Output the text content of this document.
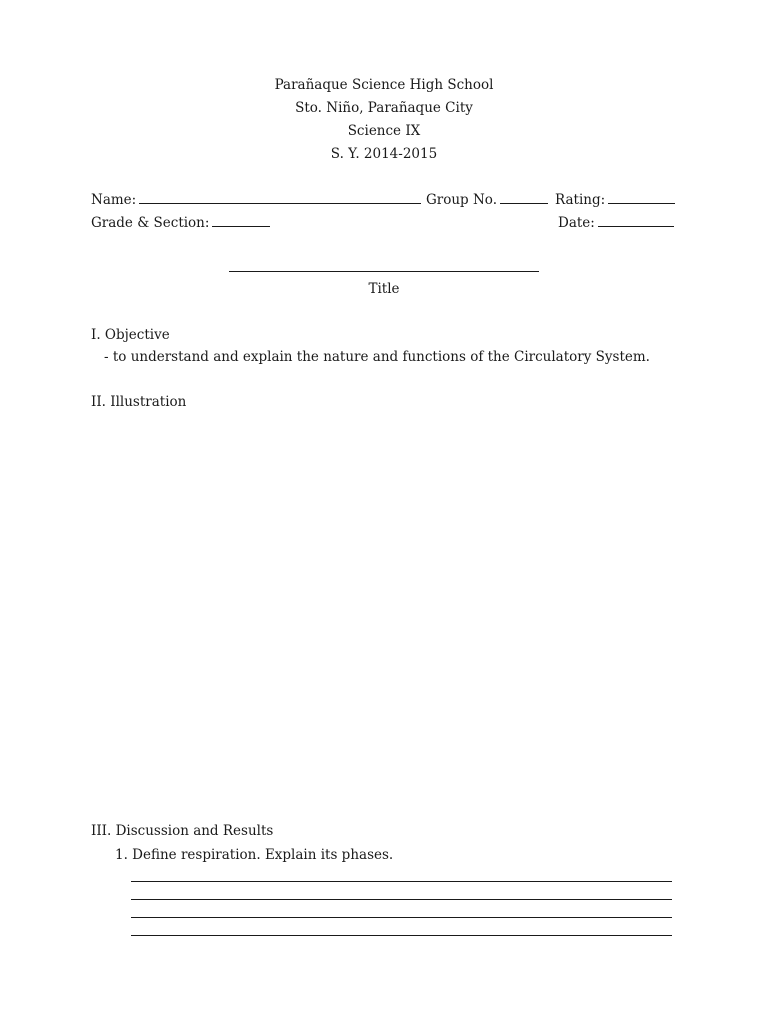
Parañaque Science High School
Sto. Niño, Parañaque City
Science IX
S. Y. 2014-2015
Name:	Group No.	Rating:
Grade & Section:	Date:
Title
I. Objective
- to understand and explain the nature and functions of the Circulatory System.
II. Illustration
III. Discussion and Results
1. Define respiration. Explain its phases.
